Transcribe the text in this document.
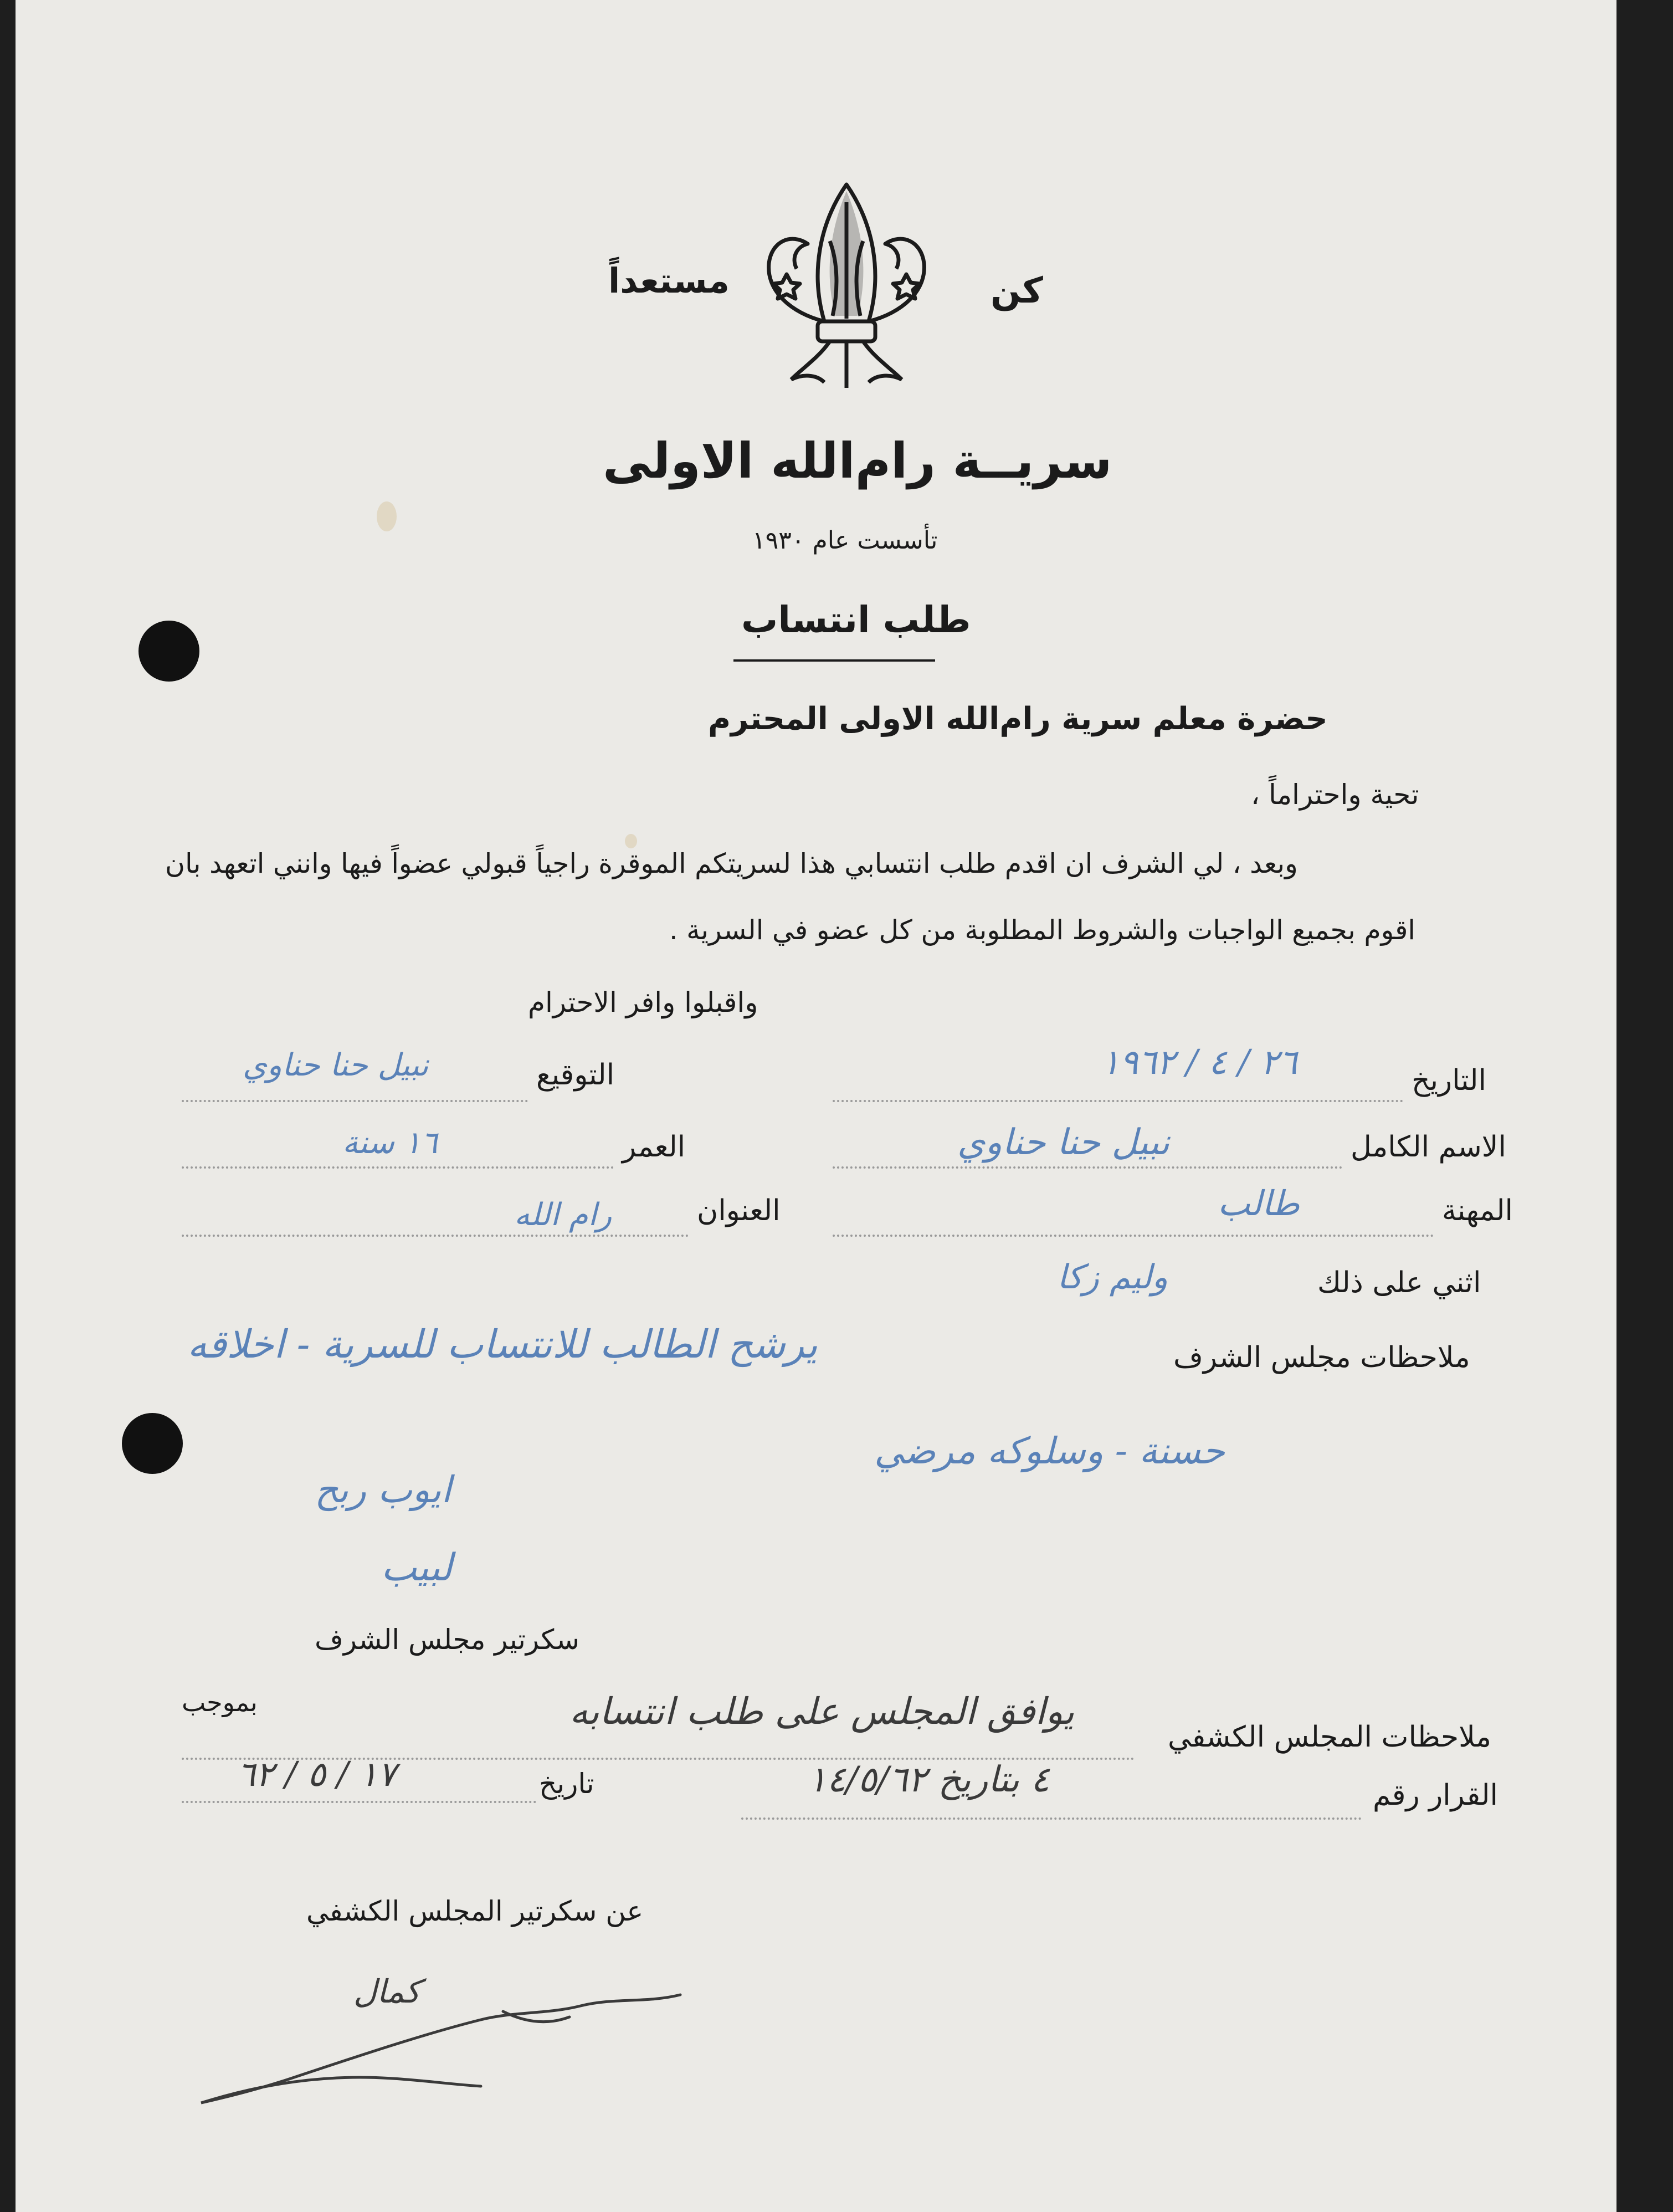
كن
مستعداً
سريــة رام‌الله الاولى
تأسست عام ١٩٣٠
طلب انتساب
حضرة معلم سرية رام‌الله الاولى المحترم
تحية واحتراماً ،
وبعد ، لي الشرف ان اقدم طلب انتسابي هذا لسريتكم الموقرة راجياً قبولي عضواً فيها وانني اتعهد بان
اقوم بجميع الواجبات والشروط المطلوبة من كل عضو في السرية .
واقبلوا وافر الاحترام
التاريخ
٢٦ / ٤ / ١٩٦٢
التوقيع
نبيل حنا حناوي
الاسم الكامل
نبيل حنا حناوي
العمر
١٦ سنة
المهنة
طالب
العنوان
رام الله
اثني على ذلك
وليم زكا
ملاحظات مجلس الشرف
يرشح الطالب للانتساب للسرية - اخلاقه
حسنة - وسلوكه مرضي
ايوب ربح
لبيب
سكرتير مجلس الشرف
ملاحظات المجلس الكشفي
يوافق المجلس على طلب انتسابه
بموجب
القرار رقم
٤ بتاريخ ١٤/٥/٦٢
تاريخ
١٧ / ٥ / ٦٢
عن سكرتير المجلس الكشفي
كمال
